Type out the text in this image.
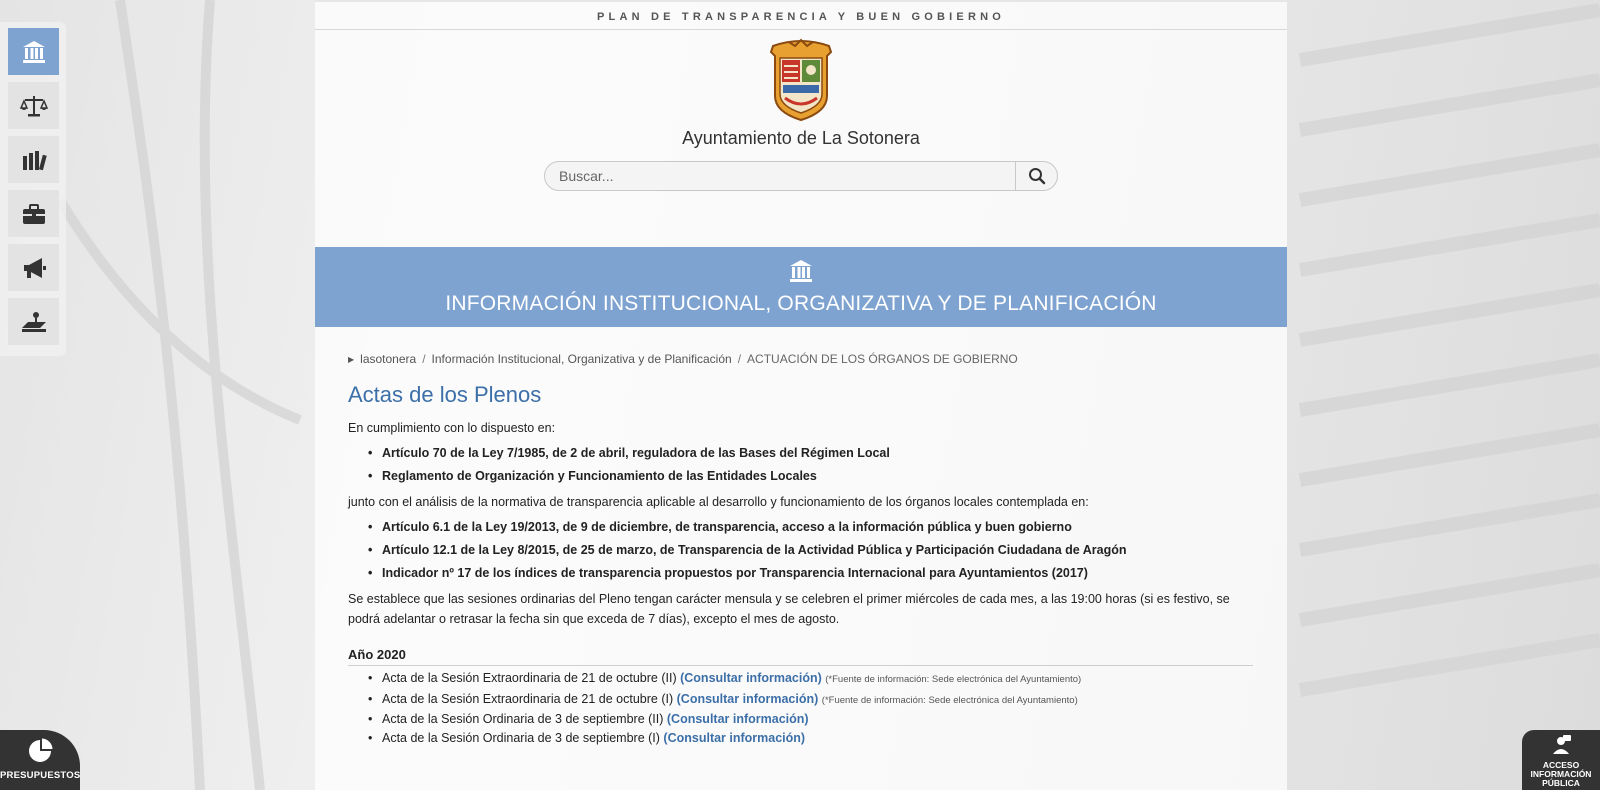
PLAN DE TRANSPARENCIA Y BUEN GOBIERNO
Ayuntamiento de La Sotonera
Buscar...
INFORMACIÓN INSTITUCIONAL, ORGANIZATIVA Y DE PLANIFICACIÓN
▶ lasotonera / Información Institucional, Organizativa y de Planificación / ACTUACIÓN DE LOS ÓRGANOS DE GOBIERNO
Actas de los Plenos

En cumplimiento con lo dispuesto en:

• Artículo 70 de la Ley 7/1985, de 2 de abril, reguladora de las Bases del Régimen Local
• Reglamento de Organización y Funcionamiento de las Entidades Locales

junto con el análisis de la normativa de transparencia aplicable al desarrollo y funcionamiento de los órganos locales contemplada en:

• Artículo 6.1 de la Ley 19/2013, de 9 de diciembre, de transparencia, acceso a la información pública y buen gobierno
• Artículo 12.1 de la Ley 8/2015, de 25 de marzo, de Transparencia de la Actividad Pública y Participación Ciudadana de Aragón
• Indicador nº 17 de los índices de transparencia propuestos por Transparencia Internacional para Ayuntamientos (2017)

Se establece que las sesiones ordinarias del Pleno tengan carácter mensula y se celebren el primer miércoles de cada mes, a las 19:00 horas (si es festivo, se podrá adelantar o retrasar la fecha sin que exceda de 7 días), excepto el mes de agosto.

Año 2020
• Acta de la Sesión Extraordinaria de 21 de octubre (II) (Consultar información) (*Fuente de información: Sede electrónica del Ayuntamiento)
• Acta de la Sesión Extraordinaria de 21 de octubre (I) (Consultar información) (*Fuente de información: Sede electrónica del Ayuntamiento)
• Acta de la Sesión Ordinaria de 3 de septiembre (II) (Consultar información)
• Acta de la Sesión Ordinaria de 3 de septiembre (I) (Consultar información)
PRESUPUESTOS
ACCESO
INFORMACIÓN
PÚBLICA
